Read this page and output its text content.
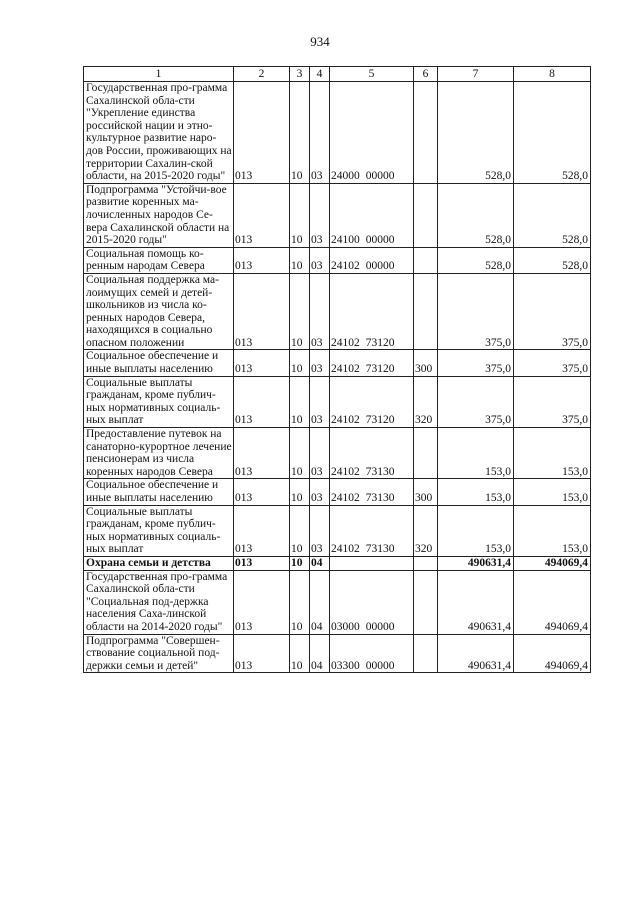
934
1	2	3	4	5	6	7	8
Государственная про-грамма Сахалинской обла-сти "Укрепление единства российской нации и этно-культурное развитие наро-дов России, проживающих на территории Сахалин-ской области, на 2015-2020 годы"	013	10	03	24000 00000		528,0	528,0
Подпрограмма "Устойчи-вое развитие коренных ма-лочисленных народов Се-вера Сахалинской области на 2015-2020 годы"	013	10	03	24100 00000		528,0	528,0
Социальная помощь ко-ренным народам Севера	013	10	03	24102 00000		528,0	528,0
Социальная поддержка ма-лоимущих семей и детей-школьников из числа ко-ренных народов Севера, находящихся в социально опасном положении	013	10	03	24102 73120		375,0	375,0
Социальное обеспечение и иные выплаты населению	013	10	03	24102 73120	300	375,0	375,0
Социальные выплаты гражданам, кроме публич-ных нормативных социаль-ных выплат	013	10	03	24102 73120	320	375,0	375,0
Предоставление путевок на санаторно-курортное лечение пенсионерам из числа коренных народов Севера	013	10	03	24102 73130		153,0	153,0
Социальное обеспечение и иные выплаты населению	013	10	03	24102 73130	300	153,0	153,0
Социальные выплаты гражданам, кроме публич-ных нормативных социаль-ных выплат	013	10	03	24102 73130	320	153,0	153,0
Охрана семьи и детства	013	10	04			490631,4	494069,4
Государственная про-грамма Сахалинской обла-сти "Социальная под-держка населения Саха-линской области на 2014-2020 годы"	013	10	04	03000 00000		490631,4	494069,4
Подпрограмма "Совершен-ствование социальной под-держки семьи и детей"	013	10	04	03300 00000		490631,4	494069,4
